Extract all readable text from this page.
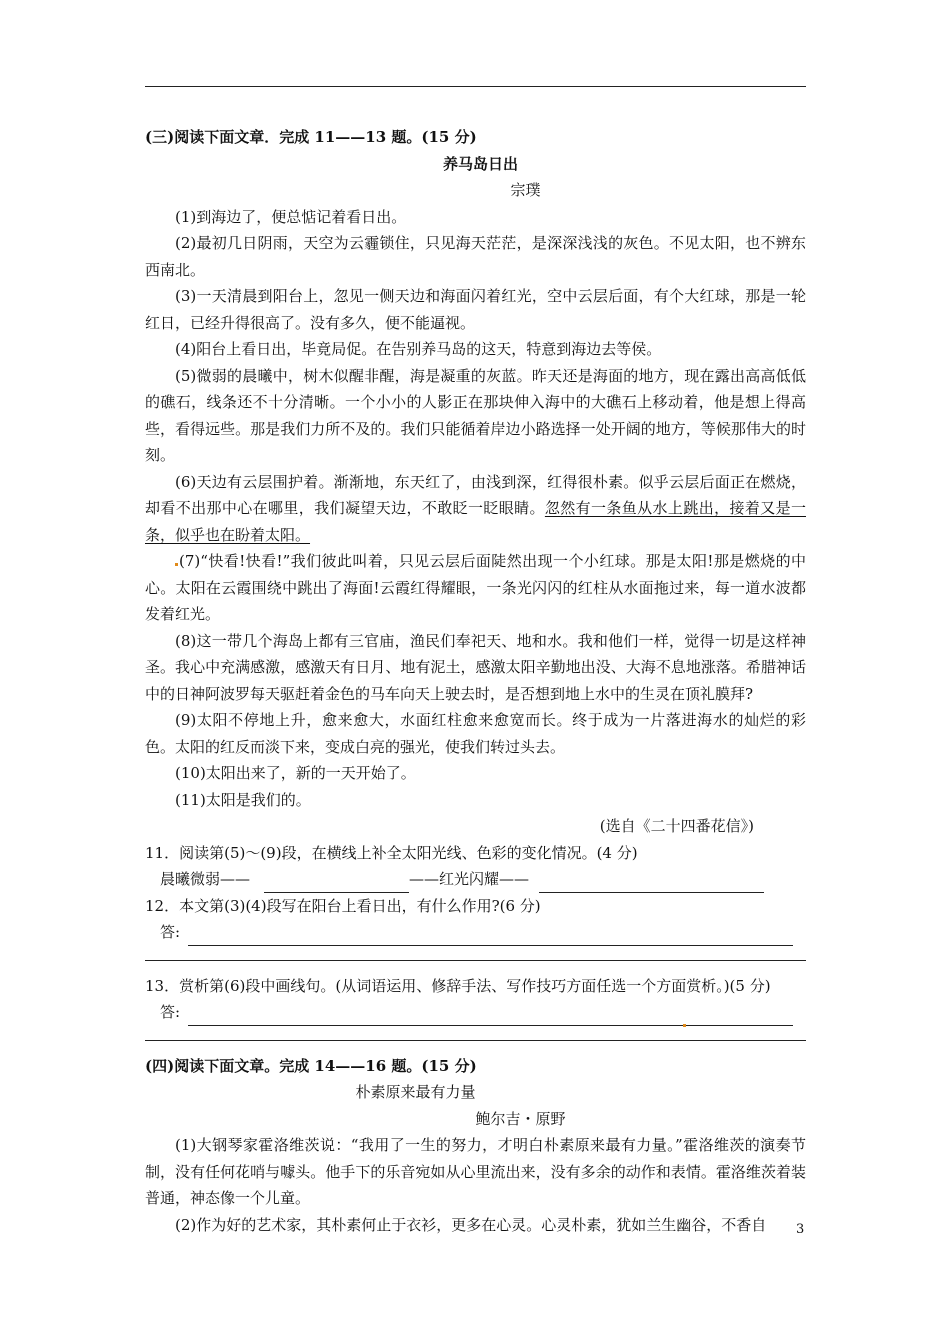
(三)阅读下面文章．完成 11——13 题。(15 分)

养马岛日出

宗璞

(1)到海边了，便总惦记着看日出。

(2)最初几日阴雨，天空为云霾锁住，只见海天茫茫，是深深浅浅的灰色。不见太阳，也不辨东西南北。

(3)一天清晨到阳台上，忽见一侧天边和海面闪着红光，空中云层后面，有个大红球，那是一轮红日，已经升得很高了。没有多久，便不能逼视。

(4)阳台上看日出，毕竟局促。在告别养马岛的这天，特意到海边去等侯。

(5)微弱的晨曦中，树木似醒非醒，海是凝重的灰蓝。昨天还是海面的地方，现在露出高高低低的礁石，线条还不十分清晰。一个小小的人影正在那块伸入海中的大礁石上移动着，他是想上得高些，看得远些。那是我们力所不及的。我们只能循着岸边小路选择一处开阔的地方，等候那伟大的时刻。

(6)天边有云层围护着。渐渐地，东天红了，由浅到深，红得很朴素。似乎云层后面正在燃烧，却看不出那中心在哪里，我们凝望天边，不敢眨一眨眼睛。忽然有一条鱼从水上跳出，接着又是一条，似乎也在盼着太阳。

(7)“快看!快看!”我们彼此叫着，只见云层后面陡然出现一个小红球。那是太阳!那是燃烧的中心。太阳在云霞围绕中跳出了海面!云霞红得耀眼，一条光闪闪的红柱从水面拖过来，每一道水波都发着红光。

(8)这一带几个海岛上都有三官庙，渔民们奉祀天、地和水。我和他们一样，觉得一切是这样神圣。我心中充满感激，感激天有日月、地有泥土，感激太阳辛勤地出没、大海不息地涨落。希腊神话中的日神阿波罗每天驱赶着金色的马车向天上驶去时，是否想到地上水中的生灵在顶礼膜拜?

(9)太阳不停地上升，愈来愈大，水面红柱愈来愈宽而长。终于成为一片落进海水的灿烂的彩色。太阳的红反而淡下来，变成白亮的强光，使我们转过头去。

(10)太阳出来了，新的一天开始了。

(11)太阳是我们的。

(选自《二十四番花信》)

11．阅读第(5)～(9)段，在横线上补全太阳光线、色彩的变化情况。(4 分)

晨曦微弱——	——红光闪耀——

12．本文第(3)(4)段写在阳台上看日出，有什么作用?(6 分)

答:

13．赏析第(6)段中画线句。(从词语运用、修辞手法、写作技巧方面任选一个方面赏析。)(5 分)

答:

(四)阅读下面文章。完成 14——16 题。(15 分)

朴素原来最有力量

鲍尔吉・原野

(1)大钢琴家霍洛维茨说：“我用了一生的努力，才明白朴素原来最有力量。”霍洛维茨的演奏节制，没有任何花哨与噱头。他手下的乐音宛如从心里流出来，没有多余的动作和表情。霍洛维茨着装普通，神态像一个儿童。

(2)作为好的艺术家，其朴素何止于衣衫，更多在心灵。心灵朴素，犹如兰生幽谷，不香自	3
